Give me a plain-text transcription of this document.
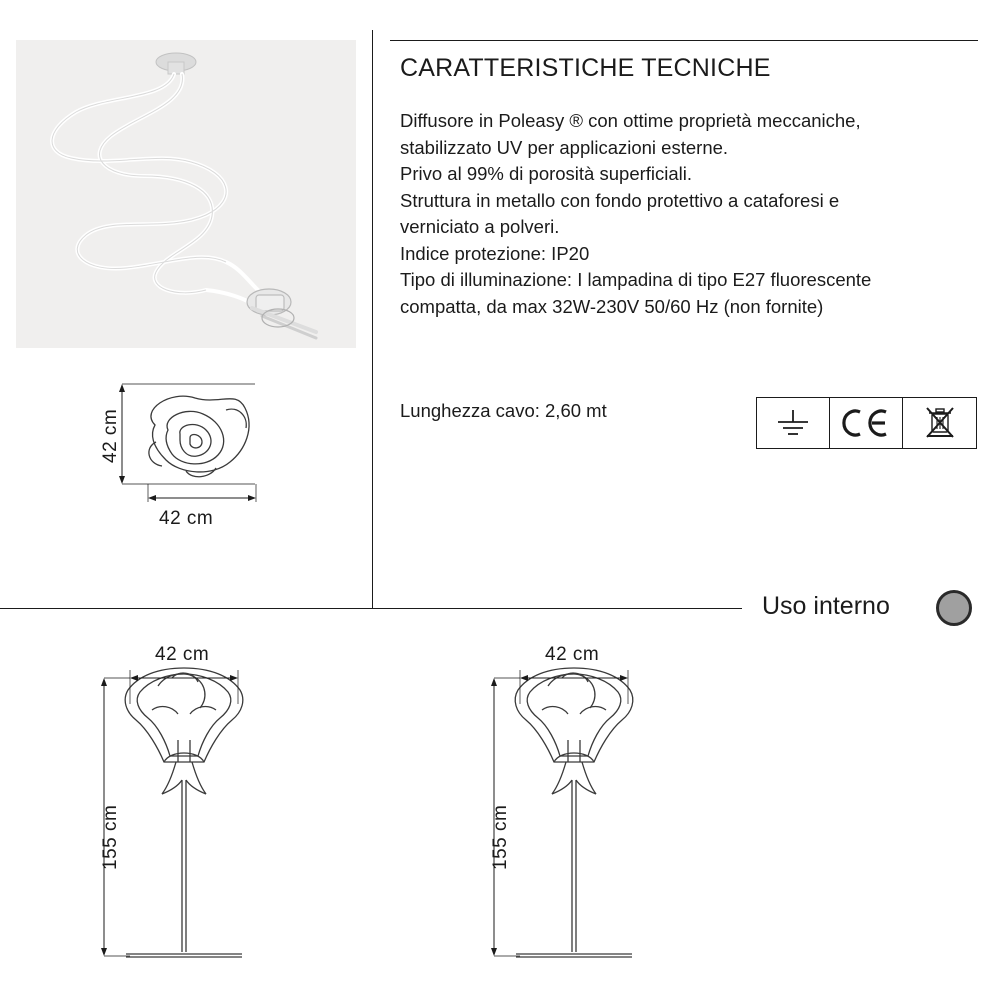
CARATTERISTICHE TECNICHE
Diffusore in Poleasy ® con ottime proprietà meccaniche,
stabilizzato UV per applicazioni esterne.
Privo al 99% di porosità superficiali.
Struttura in metallo con fondo protettivo a cataforesi e
verniciato a polveri.
Indice protezione: IP20
Tipo di illuminazione: I lampadina di tipo E27 fluorescente
compatta, da max 32W-230V 50/60 Hz (non fornite)
Lunghezza cavo: 2,60 mt
Uso interno
42 cm
42 cm
42 cm
155 cm
42 cm
155 cm
